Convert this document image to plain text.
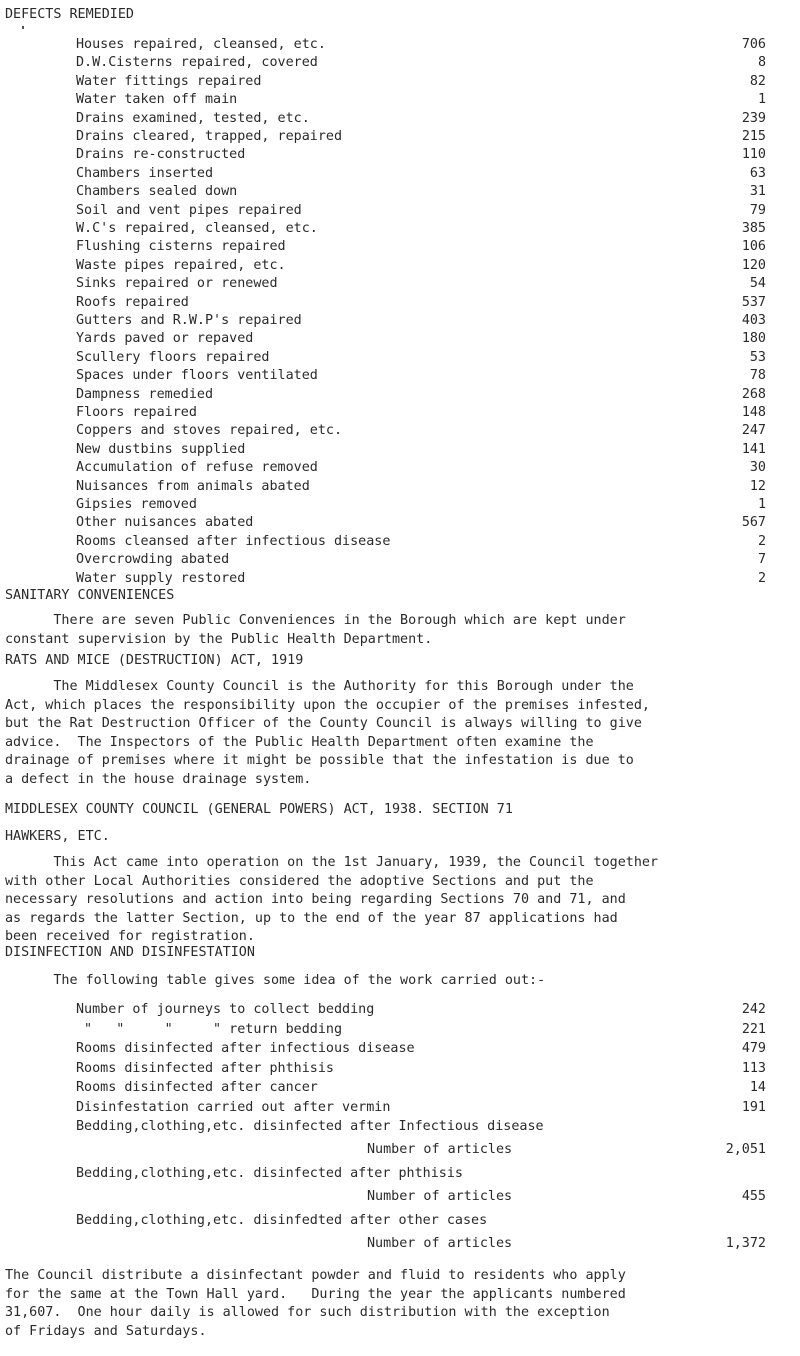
DEFECTS REMEDIED
Houses repaired, cleansed, etc.	706
D.W.Cisterns repaired, covered	8
Water fittings repaired	82
Water taken off main	1
Drains examined, tested, etc.	239
Drains cleared, trapped, repaired	215
Drains re-constructed	110
Chambers inserted	63
Chambers sealed down	31
Soil and vent pipes repaired	79
W.C's repaired, cleansed, etc.	385
Flushing cisterns repaired	106
Waste pipes repaired, etc.	120
Sinks repaired or renewed	54
Roofs repaired	537
Gutters and R.W.P's repaired	403
Yards paved or repaved	180
Scullery floors repaired	53
Spaces under floors ventilated	78
Dampness remedied	268
Floors repaired	148
Coppers and stoves repaired, etc.	247
New dustbins supplied	141
Accumulation of refuse removed	30
Nuisances from animals abated	12
Gipsies removed	1
Other nuisances abated	567
Rooms cleansed after infectious disease	2
Overcrowding abated	7
Water supply restored	2
SANITARY CONVENIENCES
There are seven Public Conveniences in the Borough which are kept under
constant supervision by the Public Health Department.
RATS AND MICE (DESTRUCTION) ACT, 1919
The Middlesex County Council is the Authority for this Borough under the
Act, which places the responsibility upon the occupier of the premises infested,
but the Rat Destruction Officer of the County Council is always willing to give
advice.  The Inspectors of the Public Health Department often examine the
drainage of premises where it might be possible that the infestation is due to
a defect in the house drainage system.
MIDDLESEX COUNTY COUNCIL (GENERAL POWERS) ACT, 1938. SECTION 71
HAWKERS, ETC.
This Act came into operation on the 1st January, 1939, the Council together
with other Local Authorities considered the adoptive Sections and put the
necessary resolutions and action into being regarding Sections 70 and 71, and
as regards the latter Section, up to the end of the year 87 applications had
been received for registration.
DISINFECTION AND DISINFESTATION
The following table gives some idea of the work carried out:-
Number of journeys to collect bedding	242
"   "     "     " return bedding	221
Rooms disinfected after infectious disease	479
Rooms disinfected after phthisis	113
Rooms disinfected after cancer	14
Disinfestation carried out after vermin	191
Bedding,clothing,etc. disinfected after Infectious disease
Number of articles	2,051
Bedding,clothing,etc. disinfected after phthisis
Number of articles	455
Bedding,clothing,etc. disinfedted after other cases
Number of articles	1,372
The Council distribute a disinfectant powder and fluid to residents who apply
for the same at the Town Hall yard.   During the year the applicants numbered
31,607.  One hour daily is allowed for such distribution with the exception
of Fridays and Saturdays.
